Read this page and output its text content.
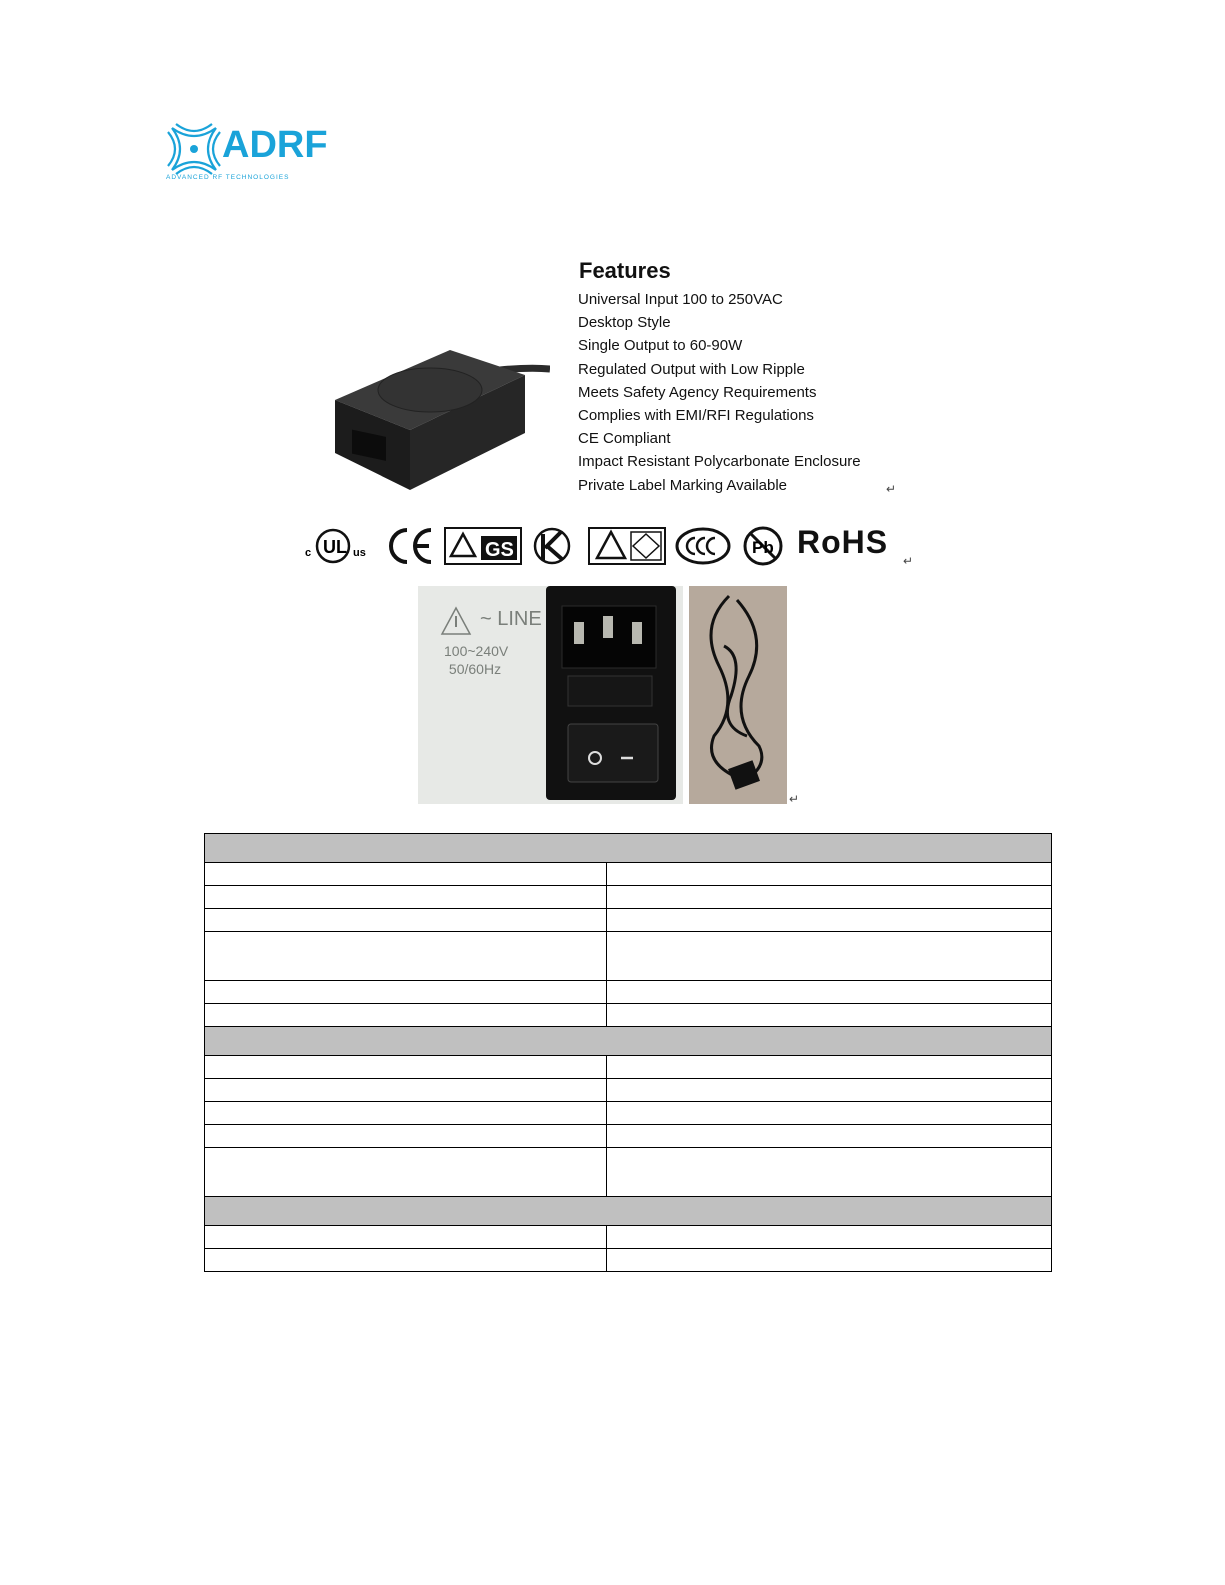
ADRF
ADVANCED RF TECHNOLOGIES
Features
Universal Input 100 to 250VAC
Desktop Style
Single Output to 60-90W
Regulated Output with Low Ripple
Meets Safety Agency Requirements
Complies with EMI/RFI Regulations
CE Compliant
Impact Resistant Polycarbonate Enclosure
Private Label Marking Available
c UL us	GS	Pb RoHS
↵
~ LINE
100~240V
50/60Hz
↵
↵
